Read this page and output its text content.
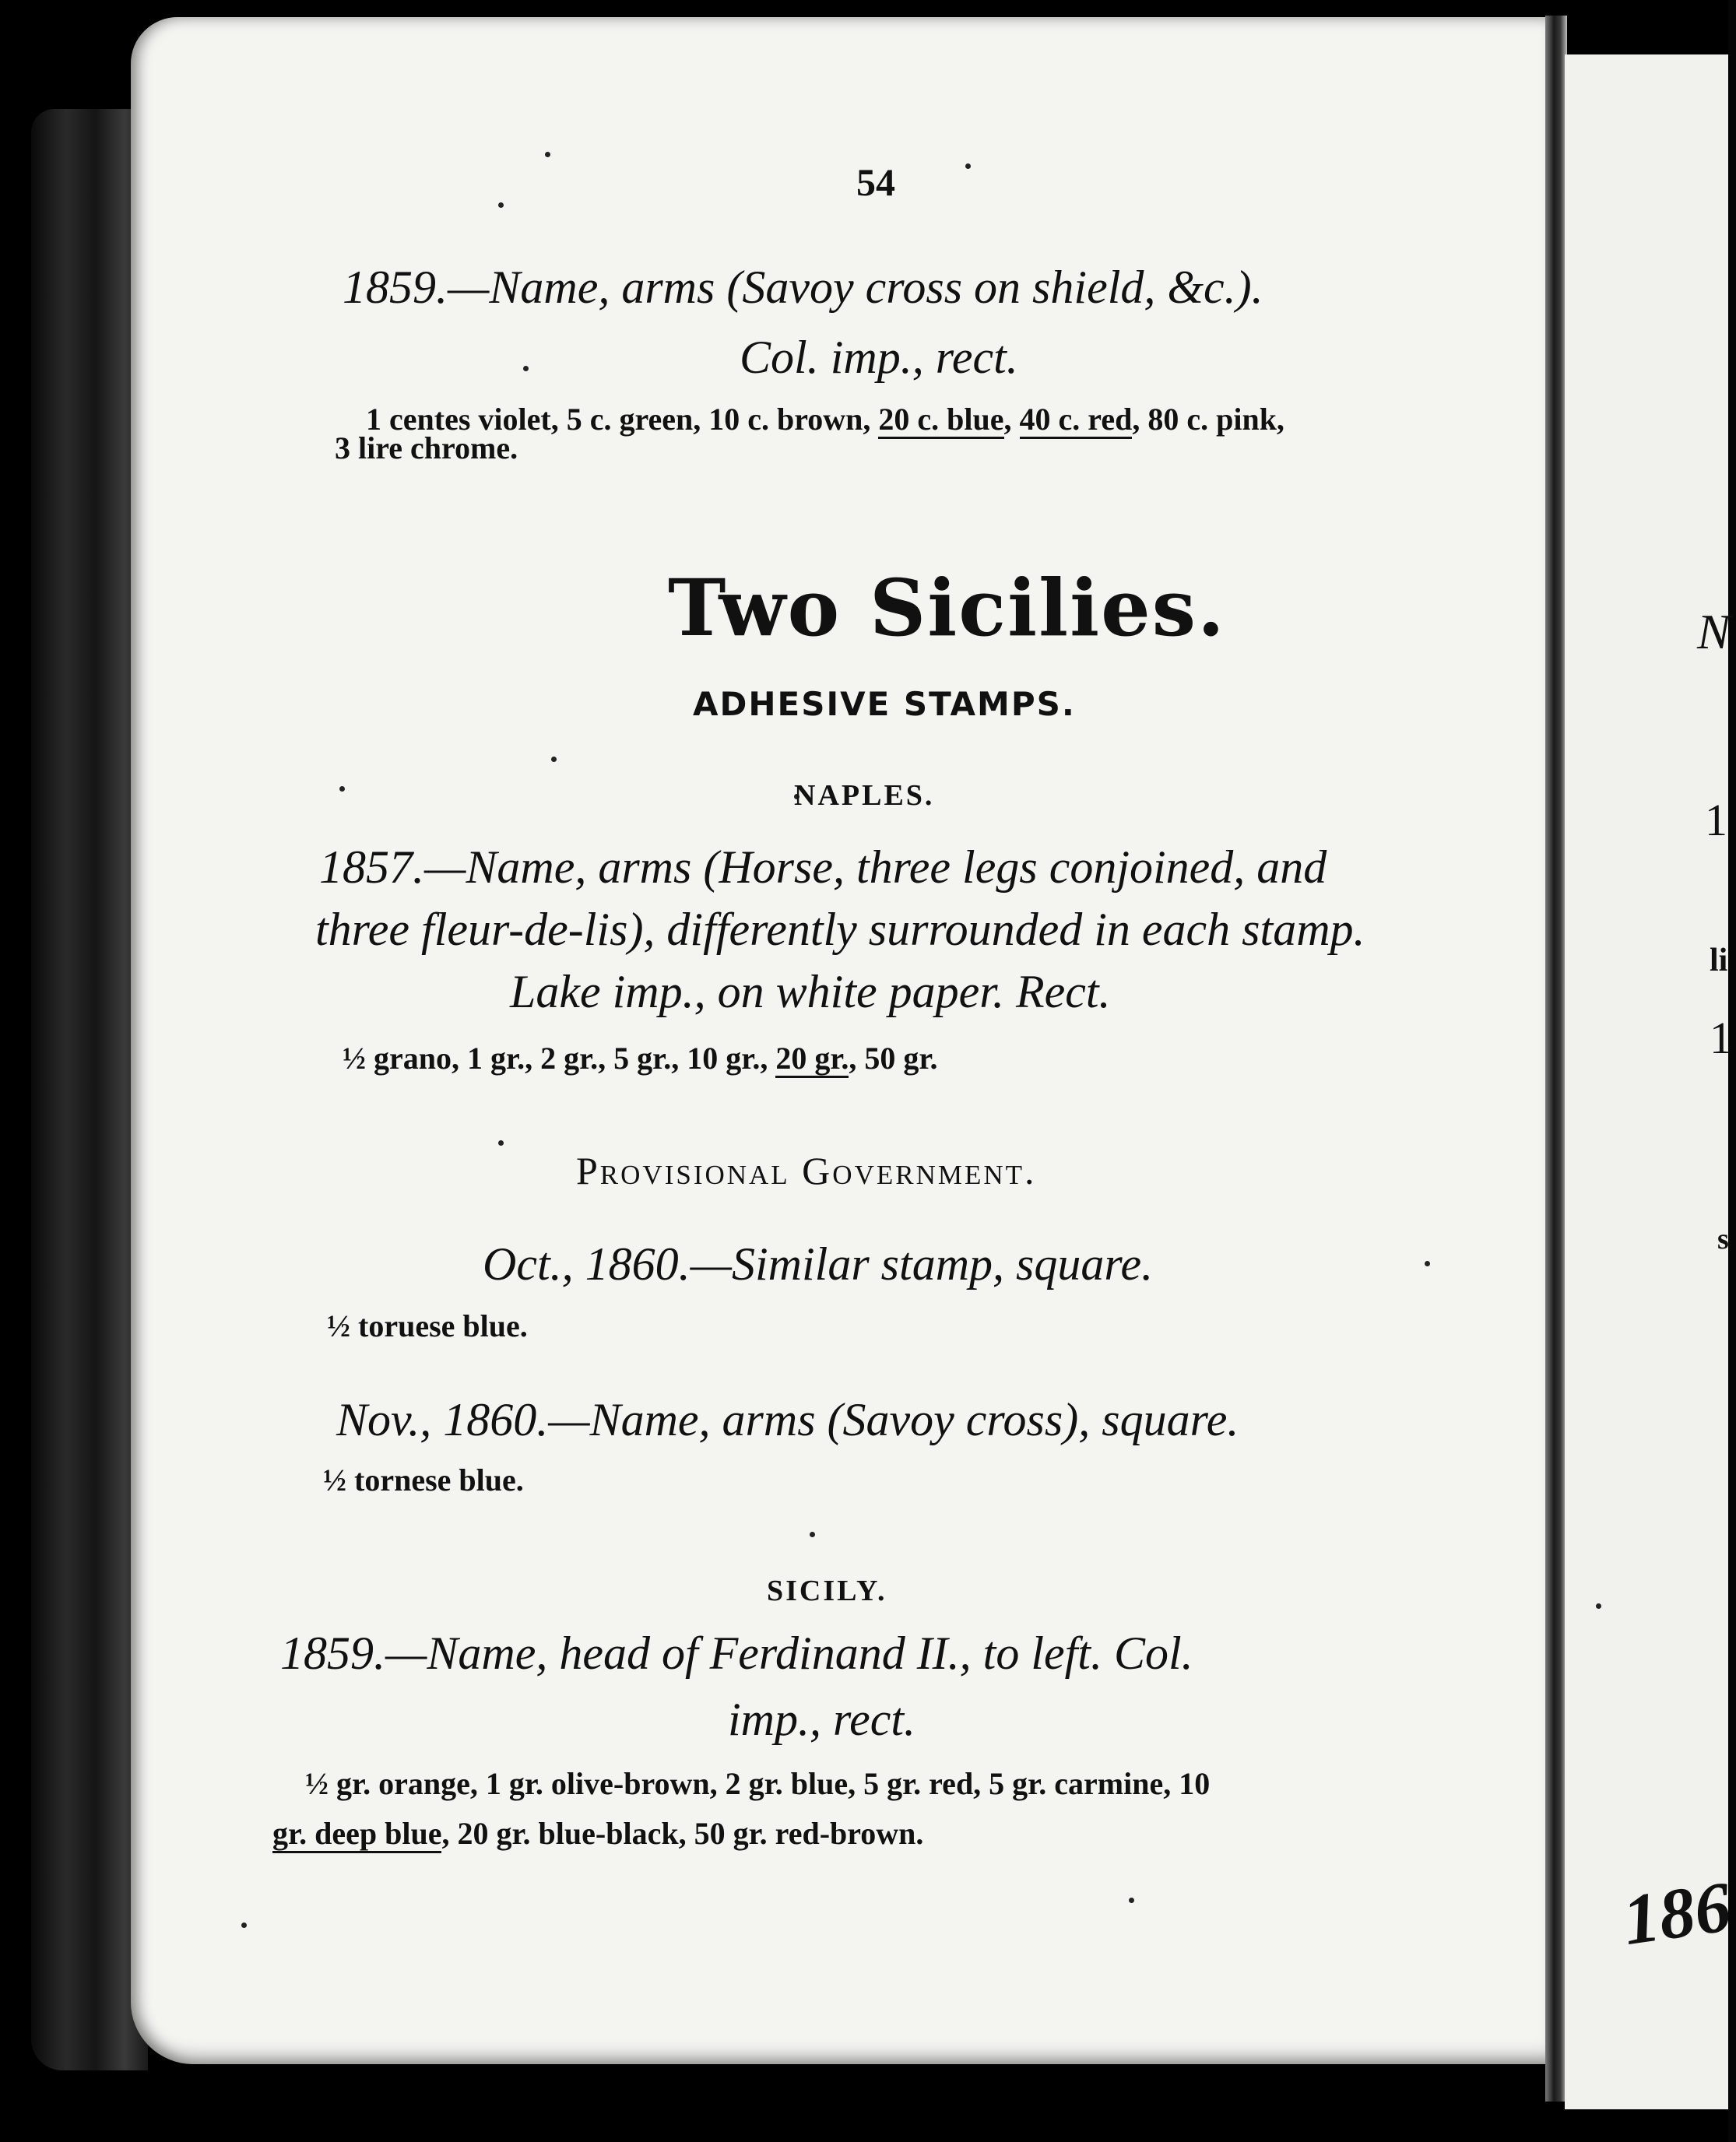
54
1859.—Name, arms (Savoy cross on shield, &c.).
Col. imp., rect.
1 centes violet, 5 c. green, 10 c. brown, 20 c. blue, 40 c. red, 80 c. pink,
3 lire chrome.
Two Sicilies.
ADHESIVE STAMPS.
NAPLES.
1857.—Name, arms (Horse, three legs conjoined, and
three fleur-de-lis), differently surrounded in each stamp.
Lake imp., on white paper. Rect.
½ grano, 1 gr., 2 gr., 5 gr., 10 gr., 20 gr., 50 gr.
Provisional Government.
Oct., 1860.—Similar stamp, square.
½ toruese blue.
Nov., 1860.—Name, arms (Savoy cross), square.
½ tornese blue.
SICILY.
1859.—Name, head of Ferdinand II., to left. Col.
imp., rect.
½ gr. orange, 1 gr. olive-brown, 2 gr. blue, 5 gr. red, 5 gr. carmine, 10
gr. deep blue, 20 gr. blue-black, 50 gr. red-brown.
N
1
li
1
s
186
